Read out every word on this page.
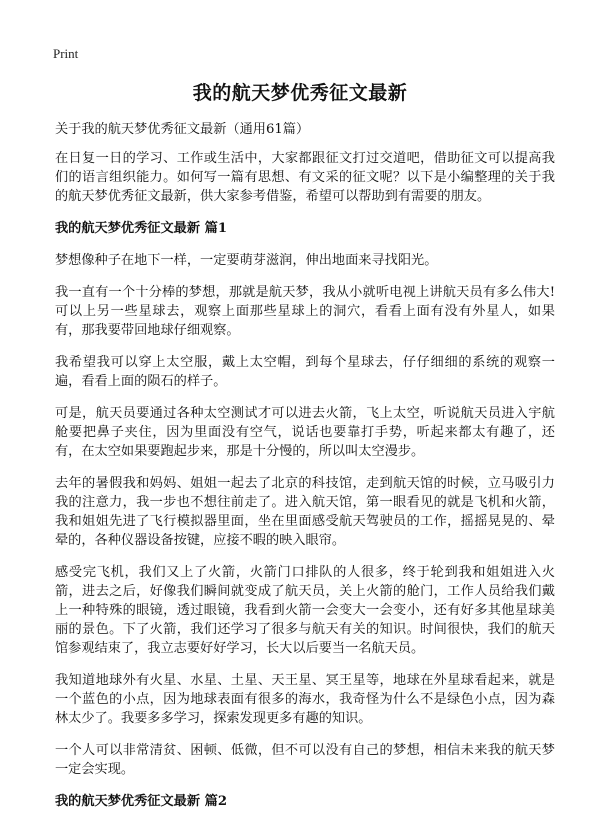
Print
我的航天梦优秀征文最新

关于我的航天梦优秀征文最新（通用61篇）

在日复一日的学习、工作或生活中，大家都跟征文打过交道吧，借助征文可以提高我们的语言组织能力。如何写一篇有思想、有文采的征文呢？以下是小编整理的关于我的航天梦优秀征文最新，供大家参考借鉴，希望可以帮助到有需要的朋友。

我的航天梦优秀征文最新 篇1

梦想像种子在地下一样，一定要萌芽滋润，伸出地面来寻找阳光。

我一直有一个十分棒的梦想，那就是航天梦，我从小就听电视上讲航天员有多么伟大!可以上另一些星球去，观察上面那些星球上的洞穴，看看上面有没有外星人，如果有，那我要带回地球仔细观察。

我希望我可以穿上太空服，戴上太空帽，到每个星球去，仔仔细细的系统的观察一遍，看看上面的陨石的样子。

可是，航天员要通过各种太空测试才可以进去火箭，飞上太空，听说航天员进入宇航舱要把鼻子夹住，因为里面没有空气，说话也要靠打手势，听起来都太有趣了，还有，在太空如果要跑起步来，那是十分慢的，所以叫太空漫步。

去年的暑假我和妈妈、姐姐一起去了北京的科技馆，走到航天馆的时候，立马吸引力我的注意力，我一步也不想往前走了。进入航天馆，第一眼看见的就是飞机和火箭，我和姐姐先进了飞行模拟器里面，坐在里面感受航天驾驶员的工作，摇摇晃晃的、晕晕的，各种仪器设备按键，应接不暇的映入眼帘。

感受完飞机，我们又上了火箭，火箭门口排队的人很多，终于轮到我和姐姐进入火箭，进去之后，好像我们瞬间就变成了航天员，关上火箭的舱门，工作人员给我们戴上一种特殊的眼镜，透过眼镜，我看到火箭一会变大一会变小，还有好多其他星球美丽的景色。下了火箭，我们还学习了很多与航天有关的知识。时间很快，我们的航天馆参观结束了，我立志要好好学习，长大以后要当一名航天员。

我知道地球外有火星、水星、土星、天王星、冥王星等，地球在外星球看起来，就是一个蓝色的小点，因为地球表面有很多的海水，我奇怪为什么不是绿色小点，因为森林太少了。我要多多学习，探索发现更多有趣的知识。

一个人可以非常清贫、困顿、低微，但不可以没有自己的梦想，相信未来我的航天梦一定会实现。

我的航天梦优秀征文最新 篇2
